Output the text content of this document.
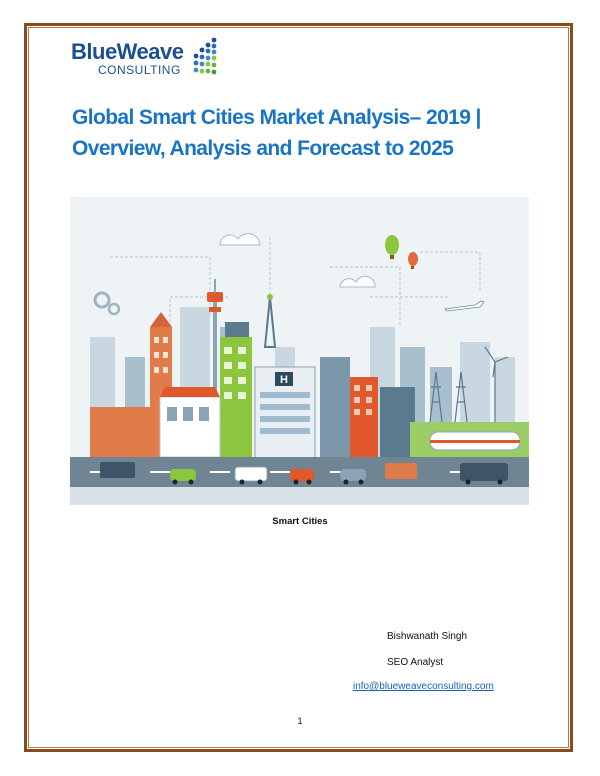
BlueWeave
CONSULTING
Global Smart Cities Market Analysis– 2019 | Overview, Analysis and Forecast to 2025
H
Smart Cities
Bishwanath Singh
SEO Analyst
info@blueweaveconsulting.com
1
